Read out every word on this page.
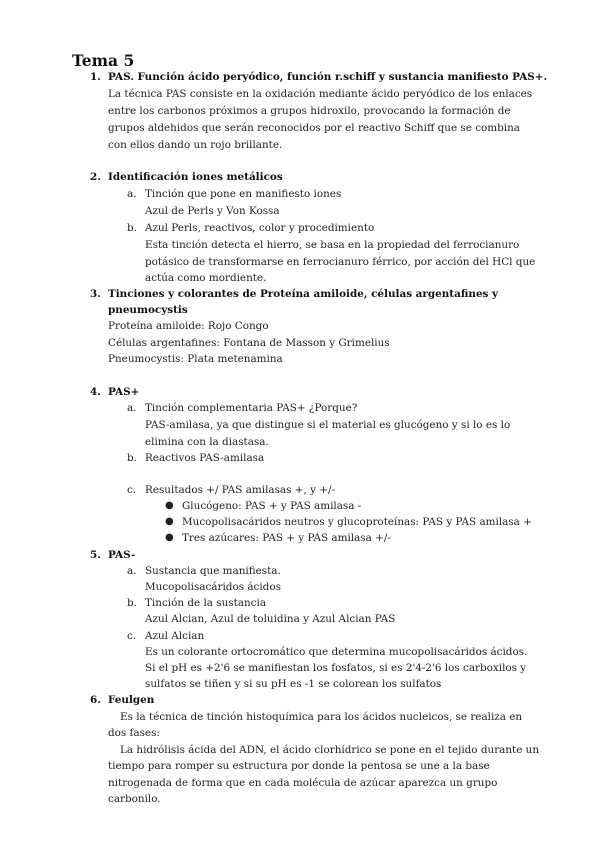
Tema 5
1. PAS. Función ácido peryódico, función r.schiff y sustancia manifiesto PAS+.
La técnica PAS consiste en la oxidación mediante ácido peryódico de los enlaces
entre los carbonos próximos a grupos hidroxilo, provocando la formación de
grupos aldehidos que serán reconocidos por el reactivo Schiff que se combina
con ellos dando un rojo brillante.
2. Identificación iones metálicos
a. Tinción que pone en manifiesto iones
Azul de Perls y Von Kossa
b. Azul Perls, reactivos, color y procedimiento
Esta tinción detecta el hierro, se basa en la propiedad del ferrocianuro
potásico de transformarse en ferrocianuro férrico, por acción del HCl que
actúa como mordiente.
3. Tinciones y colorantes de Proteína amiloide, células argentafines y
pneumocystis
Proteína amiloide: Rojo Congo
Células argentafines: Fontana de Masson y Grimelius
Pneumocystis: Plata metenamina
4. PAS+
a. Tinción complementaria PAS+ ¿Porque?
PAS-amilasa, ya que distingue si el material es glucógeno y si lo es lo
elimina con la diastasa.
b. Reactivos PAS-amilasa
c. Resultados +/ PAS amilasas +, y +/-
● Glucógeno: PAS + y PAS amilasa -
● Mucopolisacáridos neutros y glucoproteínas: PAS y PAS amilasa +
● Tres azúcares: PAS + y PAS amilasa +/-
5. PAS-
a. Sustancia que manifiesta.
Mucopolisacáridos ácidos
b. Tinción de la sustancia
Azul Alcian, Azul de toluidina y Azul Alcian PAS
c. Azul Alcian
Es un colorante ortocromático que determina mucopolisacáridos ácidos.
Si el pH es +2'6 se manifiestan los fosfatos, si es 2'4-2'6 los carboxilos y
sulfatos se tiñen y si su pH es -1 se colorean los sulfatos
6. Feulgen
Es la técnica de tinción histoquímica para los ácidos nucleicos, se realiza en
dos fases:
La hidrólisis ácida del ADN, el ácido clorhídrico se pone en el tejido durante un
tiempo para romper su estructura por donde la pentosa se une a la base
nitrogenada de forma que en cada molécula de azúcar aparezca un grupo
carbonilo.
